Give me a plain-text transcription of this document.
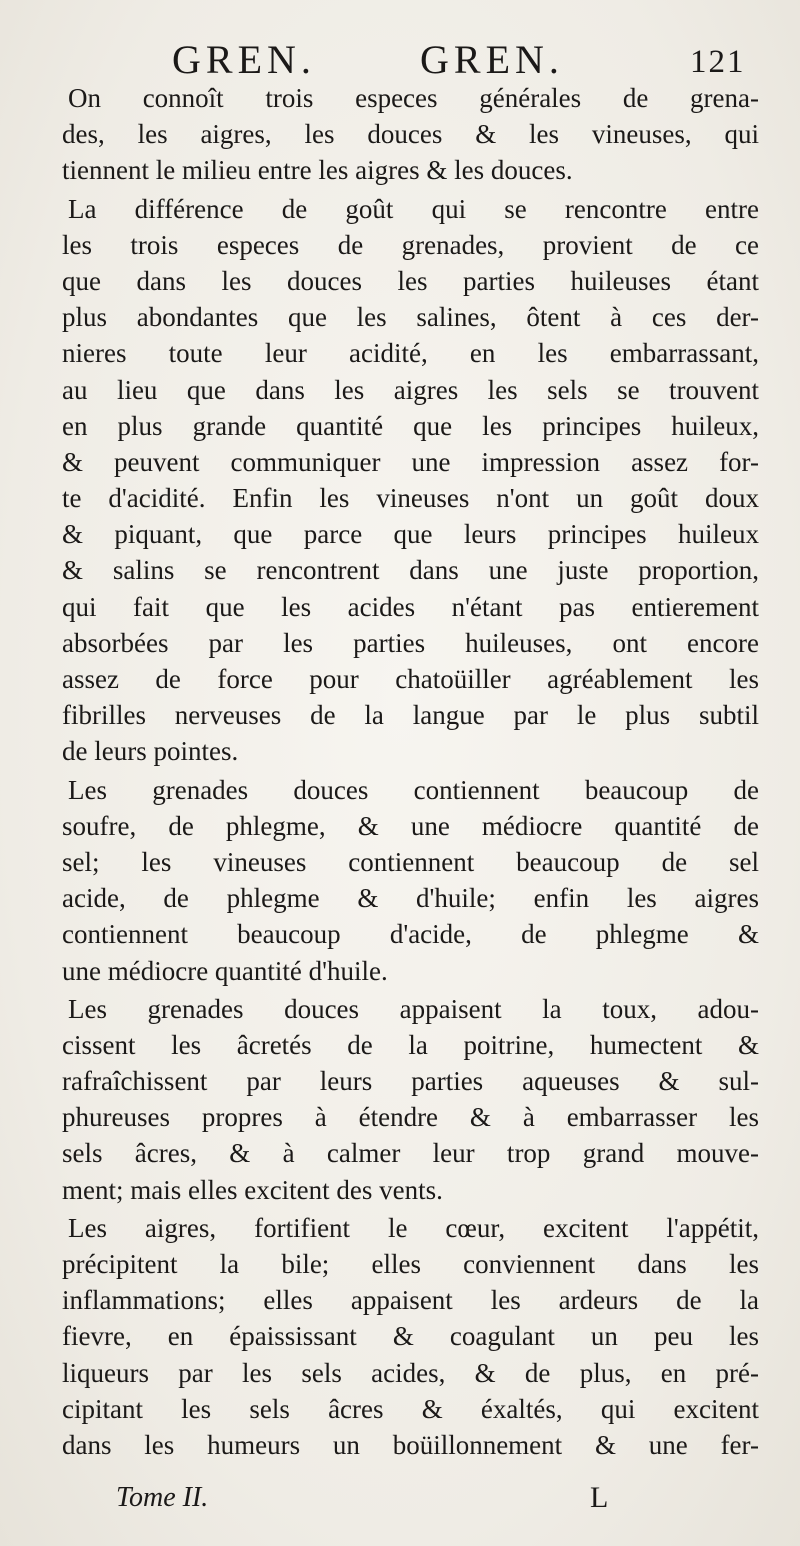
GREN.	GREN.	121
On connoît trois especes générales de grena-
des, les aigres, les douces & les vineuses, qui
tiennent le milieu entre les aigres & les douces.
La différence de goût qui se rencontre entre
les trois especes de grenades, provient de ce
que dans les douces les parties huileuses étant
plus abondantes que les salines, ôtent à ces der-
nieres toute leur acidité, en les embarrassant,
au lieu que dans les aigres les sels se trouvent
en plus grande quantité que les principes huileux,
& peuvent communiquer une impression assez for-
te d'acidité. Enfin les vineuses n'ont un goût doux
& piquant, que parce que leurs principes huileux
& salins se rencontrent dans une juste proportion,
qui fait que les acides n'étant pas entierement
absorbées par les parties huileuses, ont encore
assez de force pour chatoüiller agréablement les
fibrilles nerveuses de la langue par le plus subtil
de leurs pointes.
Les grenades douces contiennent beaucoup de
soufre, de phlegme, & une médiocre quantité de
sel; les vineuses contiennent beaucoup de sel
acide, de phlegme & d'huile; enfin les aigres
contiennent beaucoup d'acide, de phlegme &
une médiocre quantité d'huile.
Les grenades douces appaisent la toux, adou-
cissent les âcretés de la poitrine, humectent &
rafraîchissent par leurs parties aqueuses & sul-
phureuses propres à étendre & à embarrasser les
sels âcres, & à calmer leur trop grand mouve-
ment; mais elles excitent des vents.
Les aigres, fortifient le cœur, excitent l'appétit,
précipitent la bile; elles conviennent dans les
inflammations; elles appaisent les ardeurs de la
fievre, en épaississant & coagulant un peu les
liqueurs par les sels acides, & de plus, en pré-
cipitant les sels âcres & éxaltés, qui excitent
dans les humeurs un boüillonnement & une fer-
Tome II.	L
